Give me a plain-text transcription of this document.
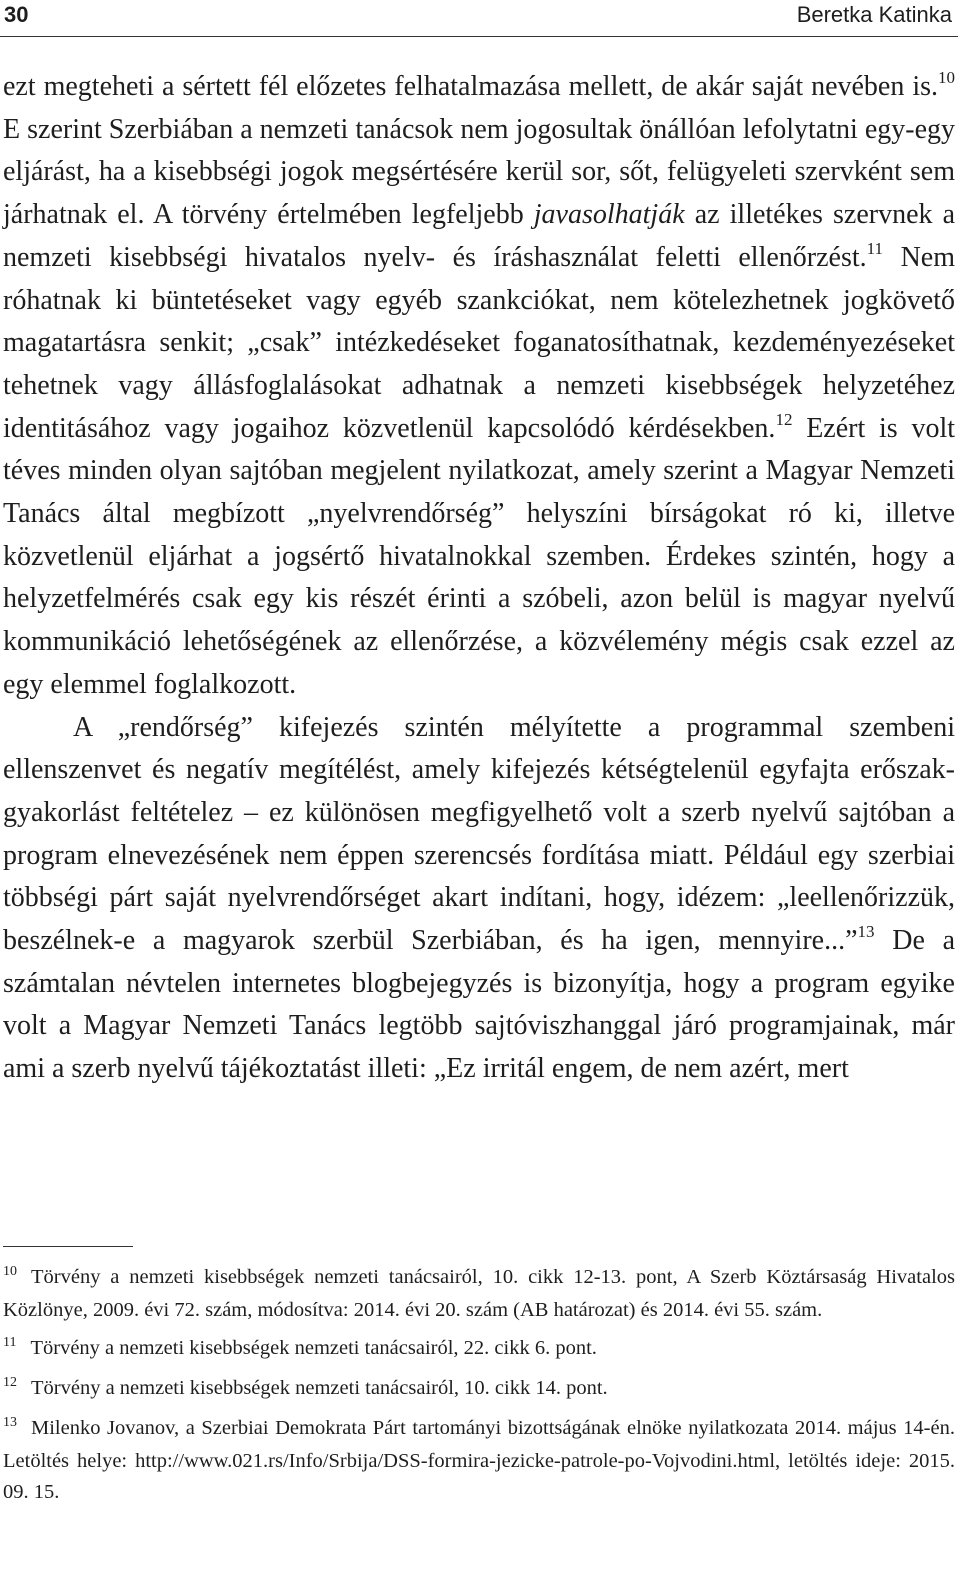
30	Beretka Katinka

ezt megteheti a sértett fél előzetes felhatalmazása mellett, de akár saját nevében is.$^{10}$ E szerint Szerbiában a nemzeti tanácsok nem jogosultak önállóan lefolytatni egy-egy eljárást, ha a kisebbségi jogok megsértésére kerül sor, sőt, felügyeleti szervként sem járhatnak el. A törvény értelmében legfeljebb javasolhatják az illetékes szervnek a nemzeti kisebbségi hivatalos nyelv- és íráshasználat feletti ellenőrzést.$^{11}$ Nem róhatnak ki büntetéseket vagy egyéb szankciókat, nem kötelezhetnek jogkövető magatartásra senkit; „csak” intézkedéseket foganatosíthatnak, kezdeményezéseket tehetnek vagy állásfoglalásokat adhatnak a nemzeti kisebbségek helyzetéhez identitásához vagy jogaihoz közvetlenül kapcsolódó kérdésekben.$^{12}$ Ezért is volt téves minden olyan sajtóban megjelent nyilatkozat, amely szerint a Magyar Nemzeti Tanács által megbízott „nyelvrendőrség” helyszíni bírságokat ró ki, illetve közvetlenül eljárhat a jogsértő hivatalnokkal szemben. Érdekes szintén, hogy a helyzetfelmérés csak egy kis részét érinti a szóbeli, azon belül is magyar nyelvű kommunikáció lehetőségének az ellenőrzése, a közvélemény mégis csak ezzel az egy elemmel foglalkozott.

A „rendőrség” kifejezés szintén mélyítette a programmal szembeni ellenszenvet és negatív megítélést, amely kifejezés kétségtelenül egyfajta erőszak-gyakorlást feltételez – ez különösen megfigyelhető volt a szerb nyelvű sajtóban a program elnevezésének nem éppen szerencsés fordítása miatt. Például egy szerbiai többségi párt saját nyelvrendőrséget akart indítani, hogy, idézem: „leellenőrizzük, beszélnek-e a magyarok szerbül Szerbiában, és ha igen, mennyire...”$^{13}$ De a számtalan névtelen internetes blogbejegyzés is bizonyítja, hogy a program egyike volt a Magyar Nemzeti Tanács legtöbb sajtóviszhanggal járó programjainak, már ami a szerb nyelvű tájékoztatást illeti: „Ez irritál engem, de nem azért, mert

$^{10}$ Törvény a nemzeti kisebbségek nemzeti tanácsairól, 10. cikk 12-13. pont, A Szerb Köztársaság Hivatalos Közlönye, 2009. évi 72. szám, módosítva: 2014. évi 20. szám (AB határozat) és 2014. évi 55. szám.

$^{11}$ Törvény a nemzeti kisebbségek nemzeti tanácsairól, 22. cikk 6. pont.

$^{12}$ Törvény a nemzeti kisebbségek nemzeti tanácsairól, 10. cikk 14. pont.

$^{13}$ Milenko Jovanov, a Szerbiai Demokrata Párt tartományi bizottságának elnöke nyilatkozata 2014. május 14-én. Letöltés helye: http://www.021.rs/Info/Srbija/DSS-formira-jezicke-patrole-po-Vojvodini.html, letöltés ideje: 2015. 09. 15.
